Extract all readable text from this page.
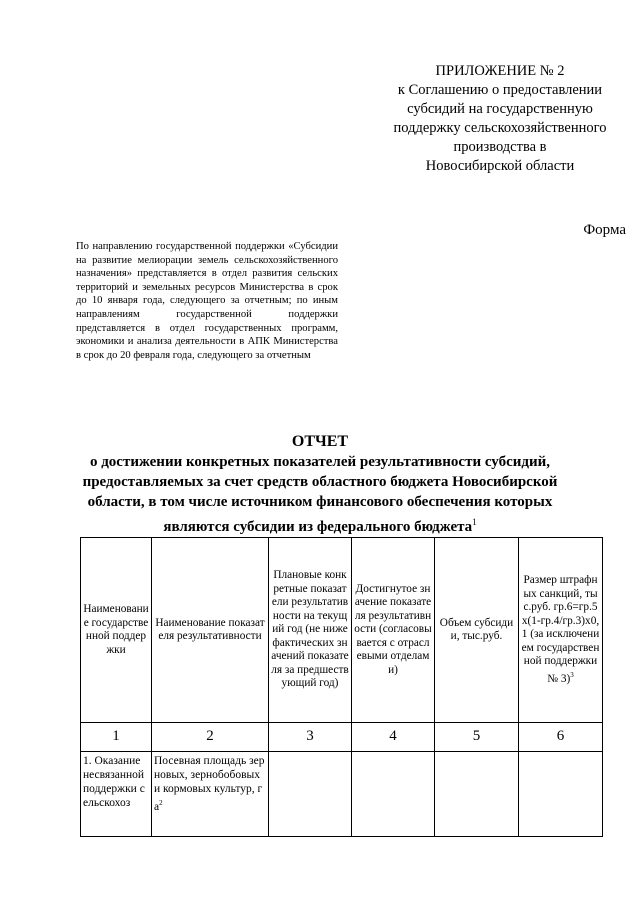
ПРИЛОЖЕНИЕ № 2
к Соглашению о предоставлении
субсидий на государственную
поддержку сельскохозяйственного
производства в
Новосибирской области
Форма
По направлению государственной поддержки «Субсидии на развитие мелиорации земель сельскохозяйственного назначения» представляется в отдел развития сельских территорий и земельных ресурсов Министерства в срок до 10 января года, следующего за отчетным; по иным направлениям государственной поддержки представляется в отдел государственных программ, экономики и анализа деятельности в АПК Министерства в срок до 20 февраля года, следующего за отчетным
ОТЧЕТ
о достижении конкретных показателей результативности субсидий,
предоставляемых за счет средств областного бюджета Новосибирской
области, в том числе источником финансового обеспечения которых
являются субсидии из федерального бюджета$^1$
Наименование государственной поддержки	Наименование показателя результативности	Плановые конкретные показатели результативности на текущий год (не ниже фактических значений показателя за предшествующий год)	Достигнутое значение показателя результативности (согласовывается с отраслевыми отделами)	Объем субсидии, тыс.руб.	Размер штрафных санкций, тыс.руб. гр.6=гр.5х(1-гр.4/гр.3)х0,1 (за исключением государственной поддержки № 3)$^3$
1	2	3	4	5	6
1. Оказание несвязанной поддержки сельскохоз	Посевная площадь зерновых, зернобобовых и кормовых культур, $га^2$				
